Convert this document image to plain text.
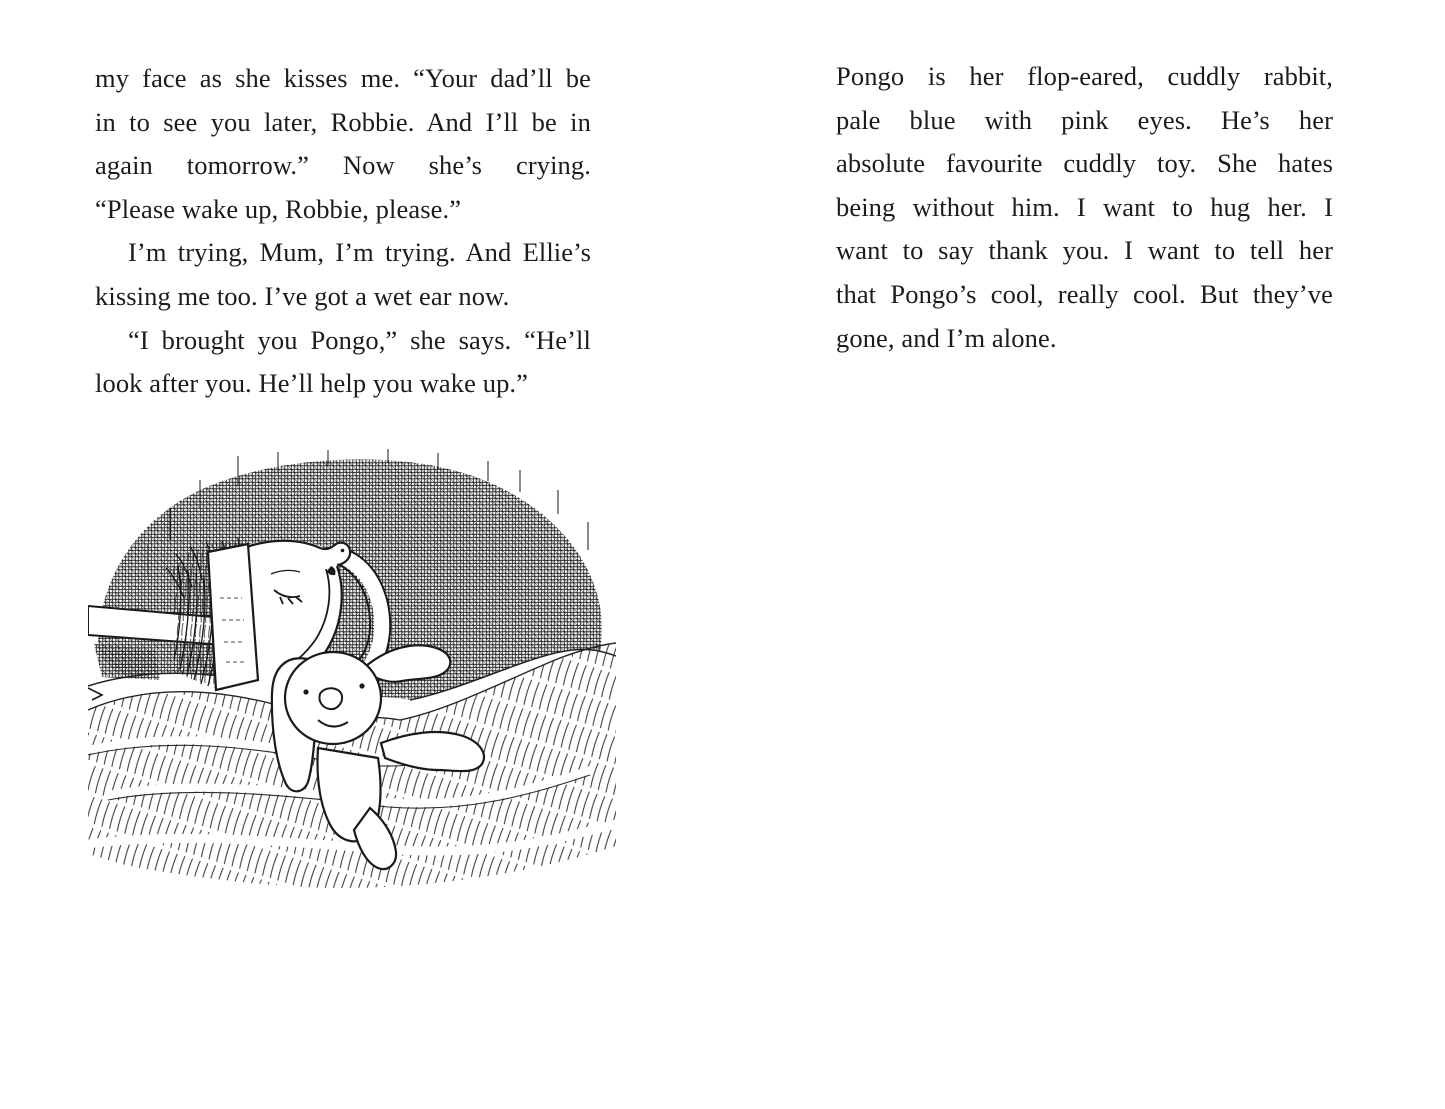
my face as she kisses me. “Your dad’ll be
in to see you later, Robbie. And I’ll be in
again tomorrow.” Now she’s crying.
“Please wake up, Robbie, please.”
I’m trying, Mum, I’m trying. And Ellie’s
kissing me too. I’ve got a wet ear now.
“I brought you Pongo,” she says. “He’ll
look after you. He’ll help you wake up.”
Pongo is her flop-eared, cuddly rabbit,
pale blue with pink eyes. He’s her
absolute favourite cuddly toy. She hates
being without him. I want to hug her. I
want to say thank you. I want to tell her
that Pongo’s cool, really cool. But they’ve
gone, and I’m alone.
